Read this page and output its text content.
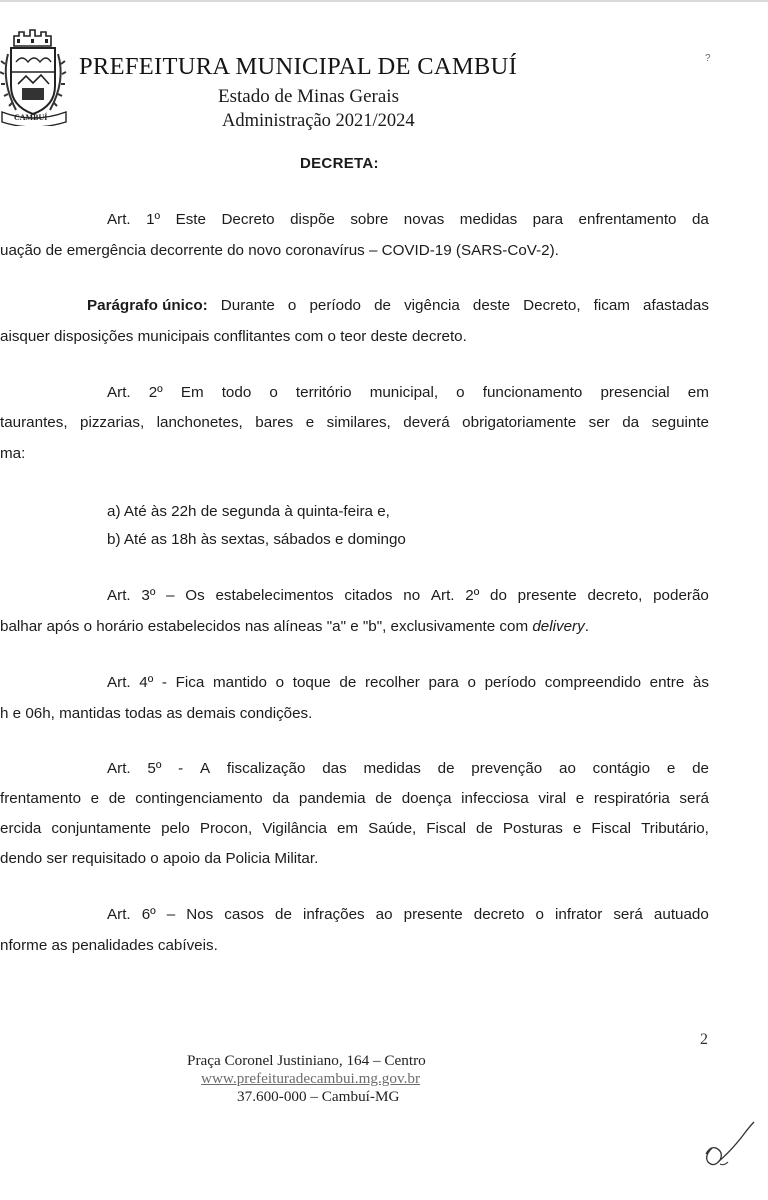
CAMBUÍ
PREFEITURA MUNICIPAL DE CAMBUÍ
Estado de Minas Gerais
Administração 2021/2024
?
DECRETA:
Art. 1º Este Decreto dispõe sobre novas medidas para enfrentamento da
uação de emergência decorrente do novo coronavírus – COVID-19 (SARS-CoV-2).
Parágrafo único: Durante o período de vigência deste Decreto, ficam afastadas
aisquer disposições municipais conflitantes com o teor deste decreto.
Art. 2º Em todo o território municipal, o funcionamento presencial em
taurantes, pizzarias, lanchonetes, bares e similares, deverá obrigatoriamente ser da seguinte
ma:
a) Até às 22h de segunda à quinta-feira e,
b) Até as 18h às sextas, sábados e domingo
Art. 3º – Os estabelecimentos citados no Art. 2º do presente decreto, poderão
balhar após o horário estabelecidos nas alíneas "a" e "b", exclusivamente com delivery.
Art. 4º - Fica mantido o toque de recolher para o período compreendido entre às
h e 06h, mantidas todas as demais condições.
Art. 5º - A fiscalização das medidas de prevenção ao contágio e de
frentamento e de contingenciamento da pandemia de doença infecciosa viral e respiratória será
ercida conjuntamente pelo Procon, Vigilância em Saúde, Fiscal de Posturas e Fiscal Tributário,
dendo ser requisitado o apoio da Policia Militar.
Art. 6º – Nos casos de infrações ao presente decreto o infrator será autuado
nforme as penalidades cabíveis.
2
Praça Coronel Justiniano, 164 – Centro
www.prefeituradecambui.mg.gov.br
37.600-000 – Cambuí-MG
